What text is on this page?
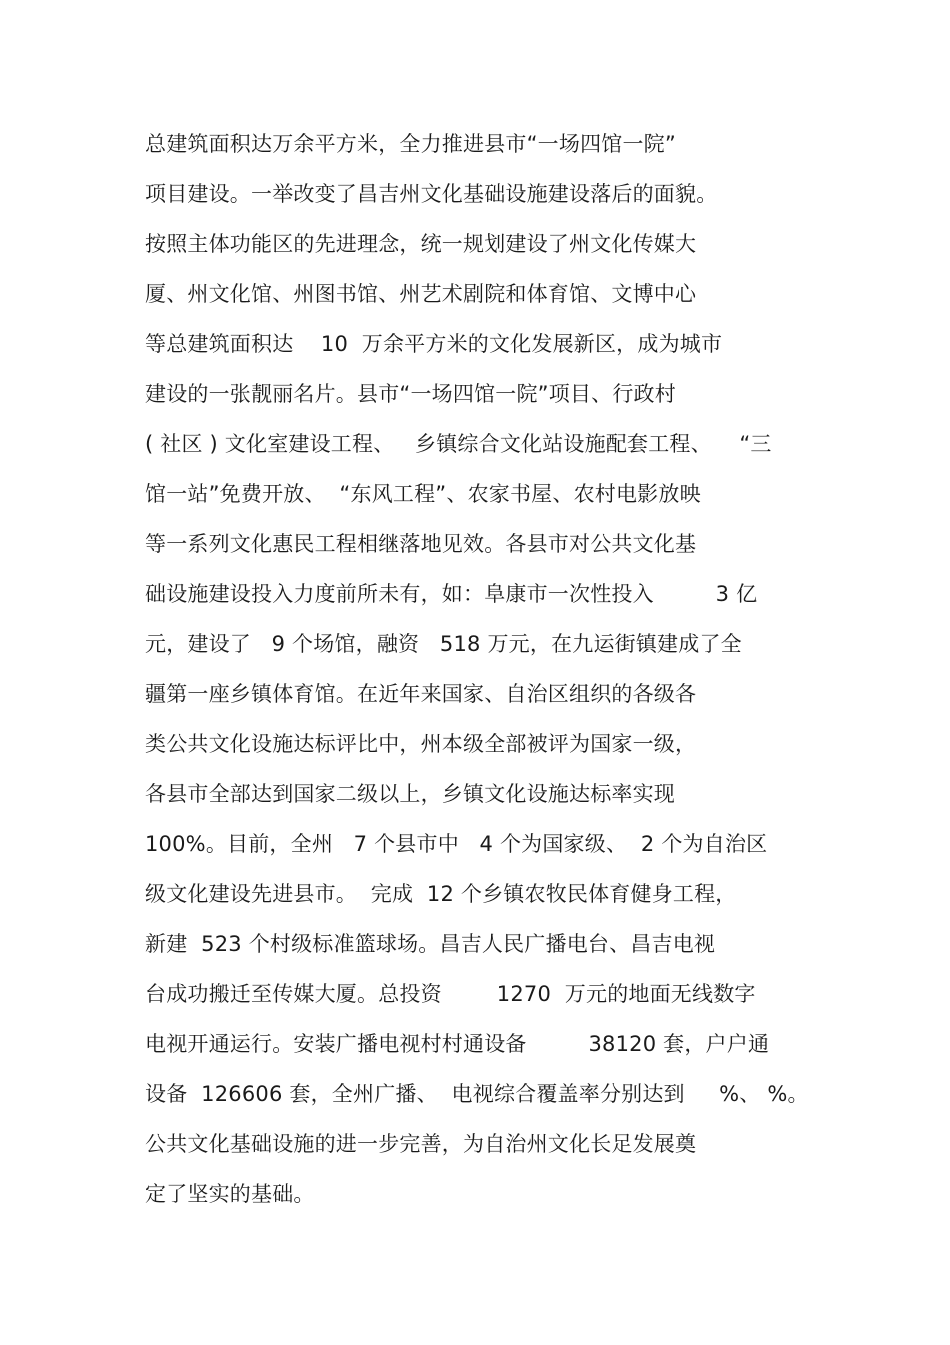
总建筑面积达万余平方米，全力推进县市“一场四馆一院”
项目建设。一举改变了昌吉州文化基础设施建设落后的面貌。
按照主体功能区的先进理念，统一规划建设了州文化传媒大
厦、州文化馆、州图书馆、州艺术剧院和体育馆、文博中心
等总建筑面积达    10  万余平方米的文化发展新区，成为城市
建设的一张靓丽名片。县市“一场四馆一院”项目、行政村
( 社区 ) 文化室建设工程、   乡镇综合文化站设施配套工程、    “三
馆一站”免费开放、  “东风工程”、农家书屋、农村电影放映
等一系列文化惠民工程相继落地见效。各县市对公共文化基
础设施建设投入力度前所未有，如：阜康市一次性投入         3 亿
元，建设了   9 个场馆，融资   518 万元，在九运街镇建成了全
疆第一座乡镇体育馆。在近年来国家、自治区组织的各级各
类公共文化设施达标评比中，州本级全部被评为国家一级，
各县市全部达到国家二级以上，乡镇文化设施达标率实现
100%。目前，全州   7 个县市中   4 个为国家级、  2 个为自治区
级文化建设先进县市。  完成  12 个乡镇农牧民体育健身工程，
新建  523 个村级标准篮球场。昌吉人民广播电台、昌吉电视
台成功搬迁至传媒大厦。总投资        1270  万元的地面无线数字
电视开通运行。安装广播电视村村通设备         38120 套，户户通
设备  126606 套，全州广播、  电视综合覆盖率分别达到     %、 %。
公共文化基础设施的进一步完善，为自治州文化长足发展奠
定了坚实的基础。
